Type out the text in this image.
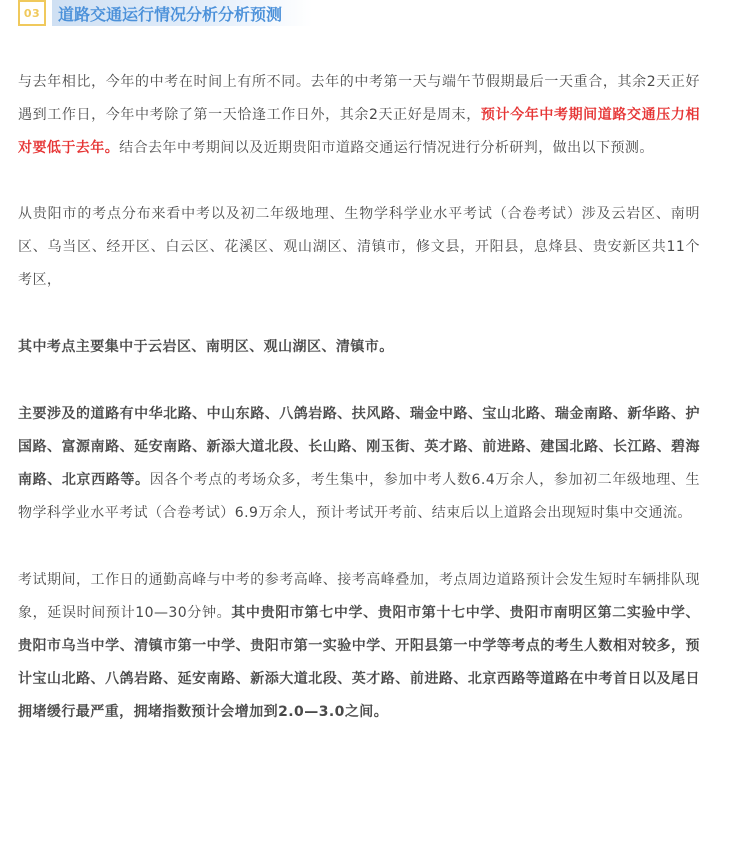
03	道路交通运行情况分析分析预测

与去年相比，今年的中考在时间上有所不同。去年的中考第一天与端午节假期最后一天重合，其余2天正好遇到工作日，今年中考除了第一天恰逢工作日外，其余2天正好是周末，预计今年中考期间道路交通压力相对要低于去年。结合去年中考期间以及近期贵阳市道路交通运行情况进行分析研判，做出以下预测。

从贵阳市的考点分布来看中考以及初二年级地理、生物学科学业水平考试（合卷考试）涉及云岩区、南明区、乌当区、经开区、白云区、花溪区、观山湖区、清镇市，修文县，开阳县，息烽县、贵安新区共11个考区，

其中考点主要集中于云岩区、南明区、观山湖区、清镇市。

主要涉及的道路有中华北路、中山东路、八鸽岩路、扶风路、瑞金中路、宝山北路、瑞金南路、新华路、护国路、富源南路、延安南路、新添大道北段、长山路、刚玉街、英才路、前进路、建国北路、长江路、碧海南路、北京西路等。因各个考点的考场众多，考生集中，参加中考人数6.4万余人，参加初二年级地理、生物学科学业水平考试（合卷考试）6.9万余人，预计考试开考前、结束后以上道路会出现短时集中交通流。

考试期间，工作日的通勤高峰与中考的参考高峰、接考高峰叠加，考点周边道路预计会发生短时车辆排队现象，延误时间预计10—30分钟。其中贵阳市第七中学、贵阳市第十七中学、贵阳市南明区第二实验中学、贵阳市乌当中学、清镇市第一中学、贵阳市第一实验中学、开阳县第一中学等考点的考生人数相对较多，预计宝山北路、八鸽岩路、延安南路、新添大道北段、英才路、前进路、北京西路等道路在中考首日以及尾日拥堵缓行最严重，拥堵指数预计会增加到2.0—3.0之间。
